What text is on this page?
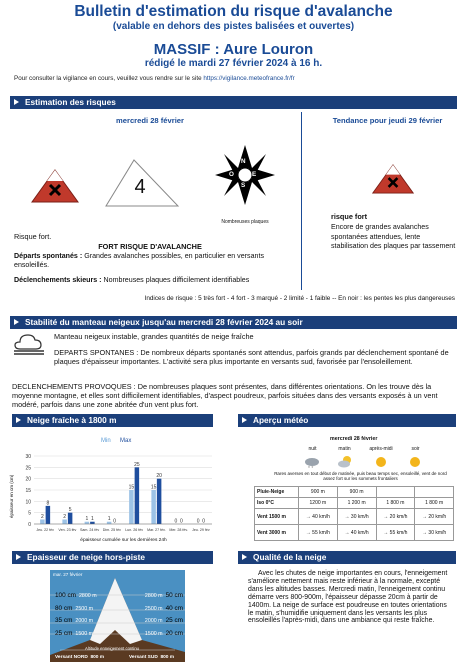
Bulletin d'estimation du risque d'avalanche
(valable en dehors des pistes balisées et ouvertes)
MASSIF : Aure Louron
rédigé le mardi 27 février 2024 à 16 h.
Pour consulter la vigilance en cours, veuillez vous rendre sur le site https://vigilance.meteofrance.fr/fr
Estimation des risques
mercredi 28 février	Tendance pour jeudi 29 février
4
N
E
S
O
Nombreuses plaques
Risque fort.
FORT RISQUE D'AVALANCHE
Départs spontanés : Grandes avalanches possibles, en particulier en versants ensoleillés.
Déclenchements skieurs : Nombreuses plaques difficilement identifiables
risque fort
Encore de grandes avalanches spontanées attendues, lente stabilisation des plaques par tassement
Indices de risque : 5 très fort - 4 fort - 3 marqué - 2 limité - 1 faible -- En noir : les pentes les plus dangereuses
Stabilité du manteau neigeux jusqu'au mercredi 28 février 2024 au soir
Manteau neigeux instable, grandes quantités de neige fraîche
DEPARTS SPONTANES : De nombreux départs spontanés sont attendus, parfois grands par déclenchement spontané de plaques d'épaisseur importantes. L'activité sera plus importante en versants sud, favorisée par l'ensoleillement.
DECLENCHEMENTS PROVOQUES : De nombreuses plaques sont présentes, dans différentes orientations. On les trouve dès la moyenne montagne, et elles sont difficilement identifiables, d'aspect poudreux, parfois situées dans des versants exposés à un vent modéré, parfois dans une zone abritée d'un vent plus fort.
Neige fraîche à 1800 m
Min Max
0
5
10
15
20
25
30
2
8
Jeu. 22 fév
2
5
Ven. 23 fév
1 1
Sam. 24 fév
1 0
Dim. 25 fév
15
25
Lun. 26 fév
15
20
Mar. 27 fév.
0 0
Mer. 28 fév.
0 0
Jeu. 29 fév
épaisseur en cm (cm)
épaisseur cumulée sur les dernières 24h
Aperçu météo
mercredi 28 février
nuit	matin	après-midi	soir
* *
Rares averses en tout début de matinée, puis beau temps sec, ensoleillé, vent de nord assez fort sur les sommets frontaliers
Pluie-Neige	900 m	900 m		
Iso 0°C	1200 m	1 200 m	1 800 m	1 800 m
Vent 1500 m	→ 40 km/h	→ 30 km/h	→ 20 km/h	→ 20 km/h
Vent 3000 m	→ 55 km/h	→ 40 km/h	→ 55 km/h	→ 30 km/h
Epaisseur de neige hors-piste
mar. 27 février
100 cm 2800 m
80 cm 2500 m
35 cm 2000 m
25 cm 1500 m
2800 m 50 cm
2500 m 40 cm
2000 m 25 cm
1500 m 20 cm
Altitude enneigement continu
Versant NORD 800 m	Versant SUD 800 m
Qualité de la neige
Avec les chutes de neige importantes en cours, l'enneigement s'améliore nettement mais reste inférieur à la normale, excepté dans les altitudes basses. Mercredi matin, l'enneigement continu démarre vers 800-900m, l'épaisseur dépasse 20cm à partir de 1400m. La neige de surface est poudreuse en toutes orientations le matin, s'humidifie uniquement dans les versants les plus ensoleillés l'après-midi, dans une ambiance qui reste fraîche.
